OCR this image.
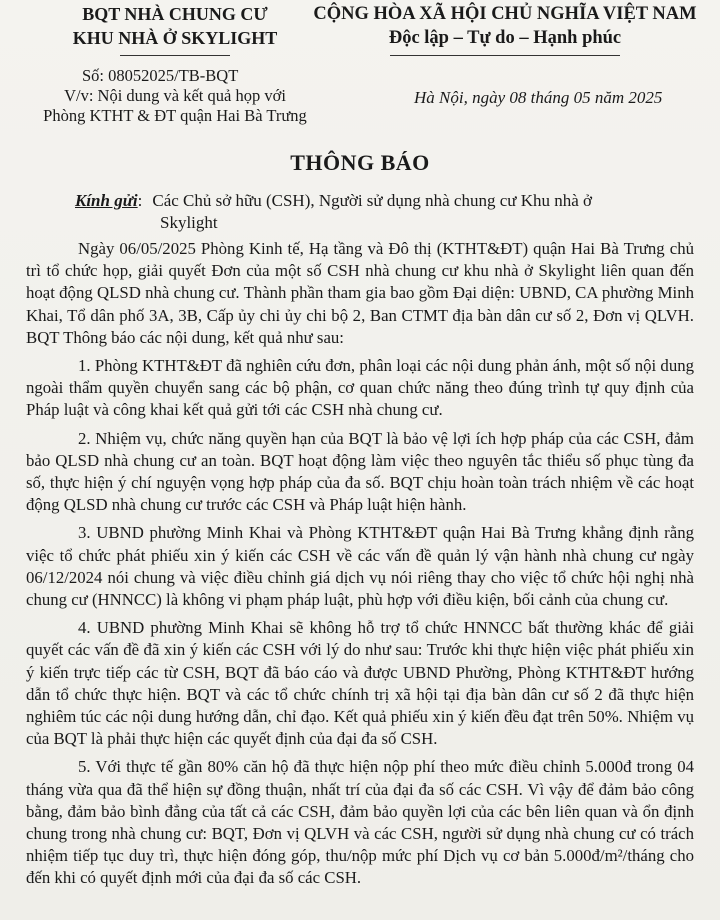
BQT NHÀ CHUNG CƯ
KHU NHÀ Ở SKYLIGHT
CỘNG HÒA XÃ HỘI CHỦ NGHĨA VIỆT NAM
Độc lập – Tự do – Hạnh phúc
Số: 08052025/TB-BQT
V/v: Nội dung và kết quả họp với
Phòng KTHT & ĐT quận Hai Bà Trưng
Hà Nội, ngày 08 tháng 05 năm 2025
THÔNG BÁO
Kính gửi: Các Chủ sở hữu (CSH), Người sử dụng nhà chung cư Khu nhà ở
Skylight

Ngày 06/05/2025 Phòng Kinh tế, Hạ tầng và Đô thị (KTHT&ĐT) quận Hai Bà Trưng chủ trì tổ chức họp, giải quyết Đơn của một số CSH nhà chung cư khu nhà ở Skylight liên quan đến hoạt động QLSD nhà chung cư. Thành phần tham gia bao gồm Đại diện: UBND, CA phường Minh Khai, Tổ dân phố 3A, 3B, Cấp ủy chi ủy chi bộ 2, Ban CTMT địa bàn dân cư số 2, Đơn vị QLVH. BQT Thông báo các nội dung, kết quả như sau:

1. Phòng KTHT&ĐT đã nghiên cứu đơn, phân loại các nội dung phản ánh, một số nội dung ngoài thẩm quyền chuyển sang các bộ phận, cơ quan chức năng theo đúng trình tự quy định của Pháp luật và công khai kết quả gửi tới các CSH nhà chung cư.

2. Nhiệm vụ, chức năng quyền hạn của BQT là bảo vệ lợi ích hợp pháp của các CSH, đảm bảo QLSD nhà chung cư an toàn. BQT hoạt động làm việc theo nguyên tắc thiểu số phục tùng đa số, thực hiện ý chí nguyện vọng hợp pháp của đa số. BQT chịu hoàn toàn trách nhiệm về các hoạt động QLSD nhà chung cư trước các CSH và Pháp luật hiện hành.

3. UBND phường Minh Khai và Phòng KTHT&ĐT quận Hai Bà Trưng khẳng định rằng việc tổ chức phát phiếu xin ý kiến các CSH về các vấn đề quản lý vận hành nhà chung cư ngày 06/12/2024 nói chung và việc điều chỉnh giá dịch vụ nói riêng thay cho việc tổ chức hội nghị nhà chung cư (HNNCC) là không vi phạm pháp luật, phù hợp với điều kiện, bối cảnh của chung cư.

4. UBND phường Minh Khai sẽ không hỗ trợ tổ chức HNNCC bất thường khác để giải quyết các vấn đề đã xin ý kiến các CSH với lý do như sau: Trước khi thực hiện việc phát phiếu xin ý kiến trực tiếp các từ CSH, BQT đã báo cáo và được UBND Phường, Phòng KTHT&ĐT hướng dẫn tổ chức thực hiện. BQT và các tổ chức chính trị xã hội tại địa bàn dân cư số 2 đã thực hiện nghiêm túc các nội dung hướng dẫn, chỉ đạo. Kết quả phiếu xin ý kiến đều đạt trên 50%. Nhiệm vụ của BQT là phải thực hiện các quyết định của đại đa số CSH.

5. Với thực tế gần 80% căn hộ đã thực hiện nộp phí theo mức điều chỉnh 5.000đ trong 04 tháng vừa qua đã thể hiện sự đồng thuận, nhất trí của đại đa số các CSH. Vì vậy để đảm bảo công bằng, đảm bảo bình đẳng của tất cả các CSH, đảm bảo quyền lợi của các bên liên quan và ổn định chung trong nhà chung cư: BQT, Đơn vị QLVH và các CSH, người sử dụng nhà chung cư có trách nhiệm tiếp tục duy trì, thực hiện đóng góp, thu/nộp mức phí Dịch vụ cơ bản 5.000đ/m²/tháng cho đến khi có quyết định mới của đại đa số các CSH.
